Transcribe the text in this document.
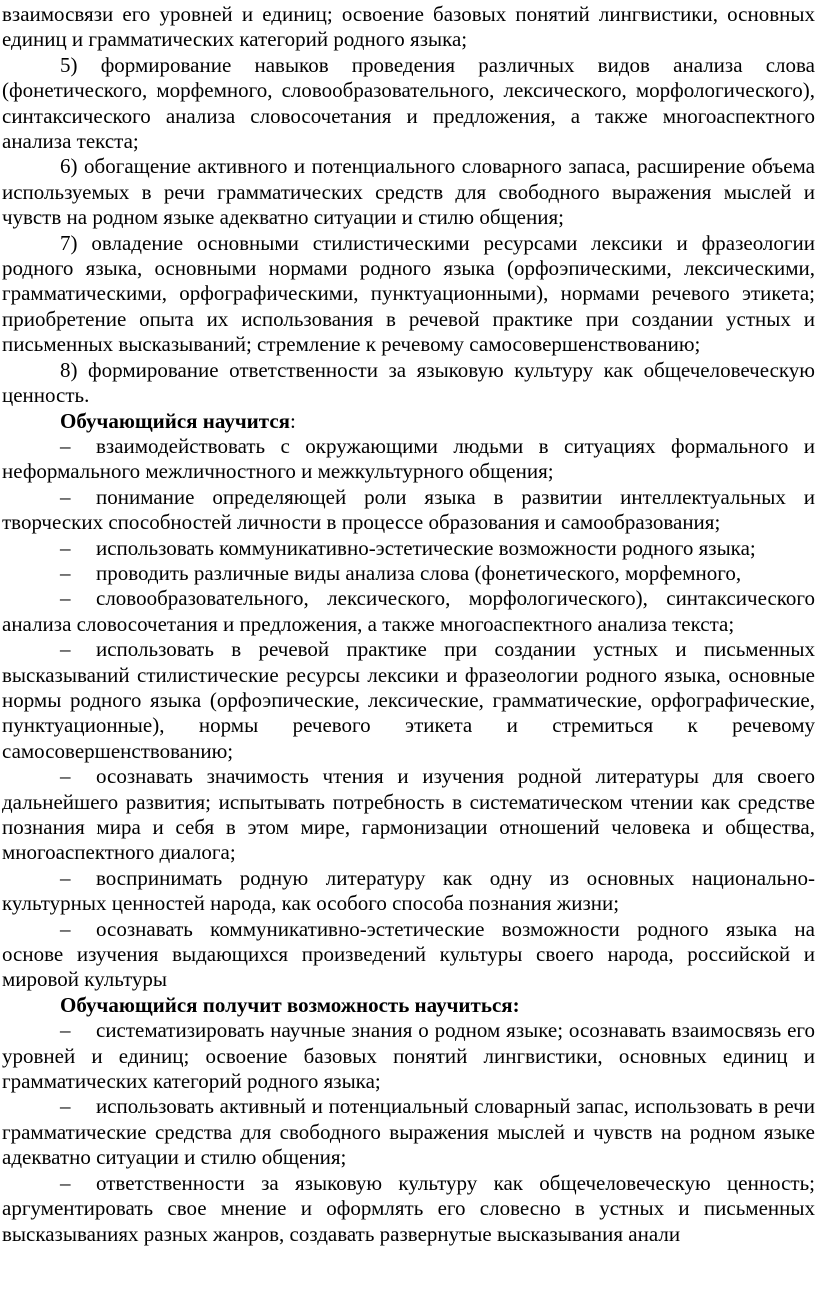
взаимосвязи его уровней и единиц; освоение базовых понятий лингвистики, основных единиц и грамматических категорий родного языка;

5) формирование навыков проведения различных видов анализа слова (фонетического, морфемного, словообразовательного, лексического, морфологического), синтаксического анализа словосочетания и предложения, а также многоаспектного анализа текста;

6) обогащение активного и потенциального словарного запаса, расширение объема используемых в речи грамматических средств для свободного выражения мыслей и чувств на родном языке адекватно ситуации и стилю общения;

7) овладение основными стилистическими ресурсами лексики и фразеологии родного языка, основными нормами родного языка (орфоэпическими, лексическими, грамматическими, орфографическими, пунктуационными), нормами речевого этикета; приобретение опыта их использования в речевой практике при создании устных и письменных высказываний; стремление к речевому самосовершенствованию;

8) формирование ответственности за языковую культуру как общечеловеческую ценность.

Обучающийся научится:

– взаимодействовать с окружающими людьми в ситуациях формального и неформального межличностного и межкультурного общения;

– понимание определяющей роли языка в развитии интеллектуальных и творческих способностей личности в процессе образования и самообразования;

– использовать коммуникативно-эстетические возможности родного языка;

– проводить различные виды анализа слова (фонетического, морфемного,

– словообразовательного, лексического, морфологического), синтаксического анализа словосочетания и предложения, а также многоаспектного анализа текста;

– использовать в речевой практике при создании устных и письменных высказываний стилистические ресурсы лексики и фразеологии родного языка, основные нормы родного языка (орфоэпические, лексические, грамматические, орфографические, пунктуационные), нормы речевого этикета и стремиться к речевому самосовершенствованию;

– осознавать значимость чтения и изучения родной литературы для своего дальнейшего развития; испытывать потребность в систематическом чтении как средстве познания мира и себя в этом мире, гармонизации отношений человека и общества, многоаспектного диалога;

– воспринимать родную литературу как одну из основных национально-культурных ценностей народа, как особого способа познания жизни;

– осознавать коммуникативно-эстетические возможности родного языка на основе изучения выдающихся произведений культуры своего народа, российской и мировой культуры

Обучающийся получит возможность научиться:

– систематизировать научные знания о родном языке; осознавать взаимосвязь его уровней и единиц; освоение базовых понятий лингвистики, основных единиц и грамматических категорий родного языка;

– использовать активный и потенциальный словарный запас, использовать в речи грамматические средства для свободного выражения мыслей и чувств на родном языке адекватно ситуации и стилю общения;

– ответственности за языковую культуру как общечеловеческую ценность; аргументировать свое мнение и оформлять его словесно в устных и письменных высказываниях разных жанров, создавать развернутые высказывания анали
